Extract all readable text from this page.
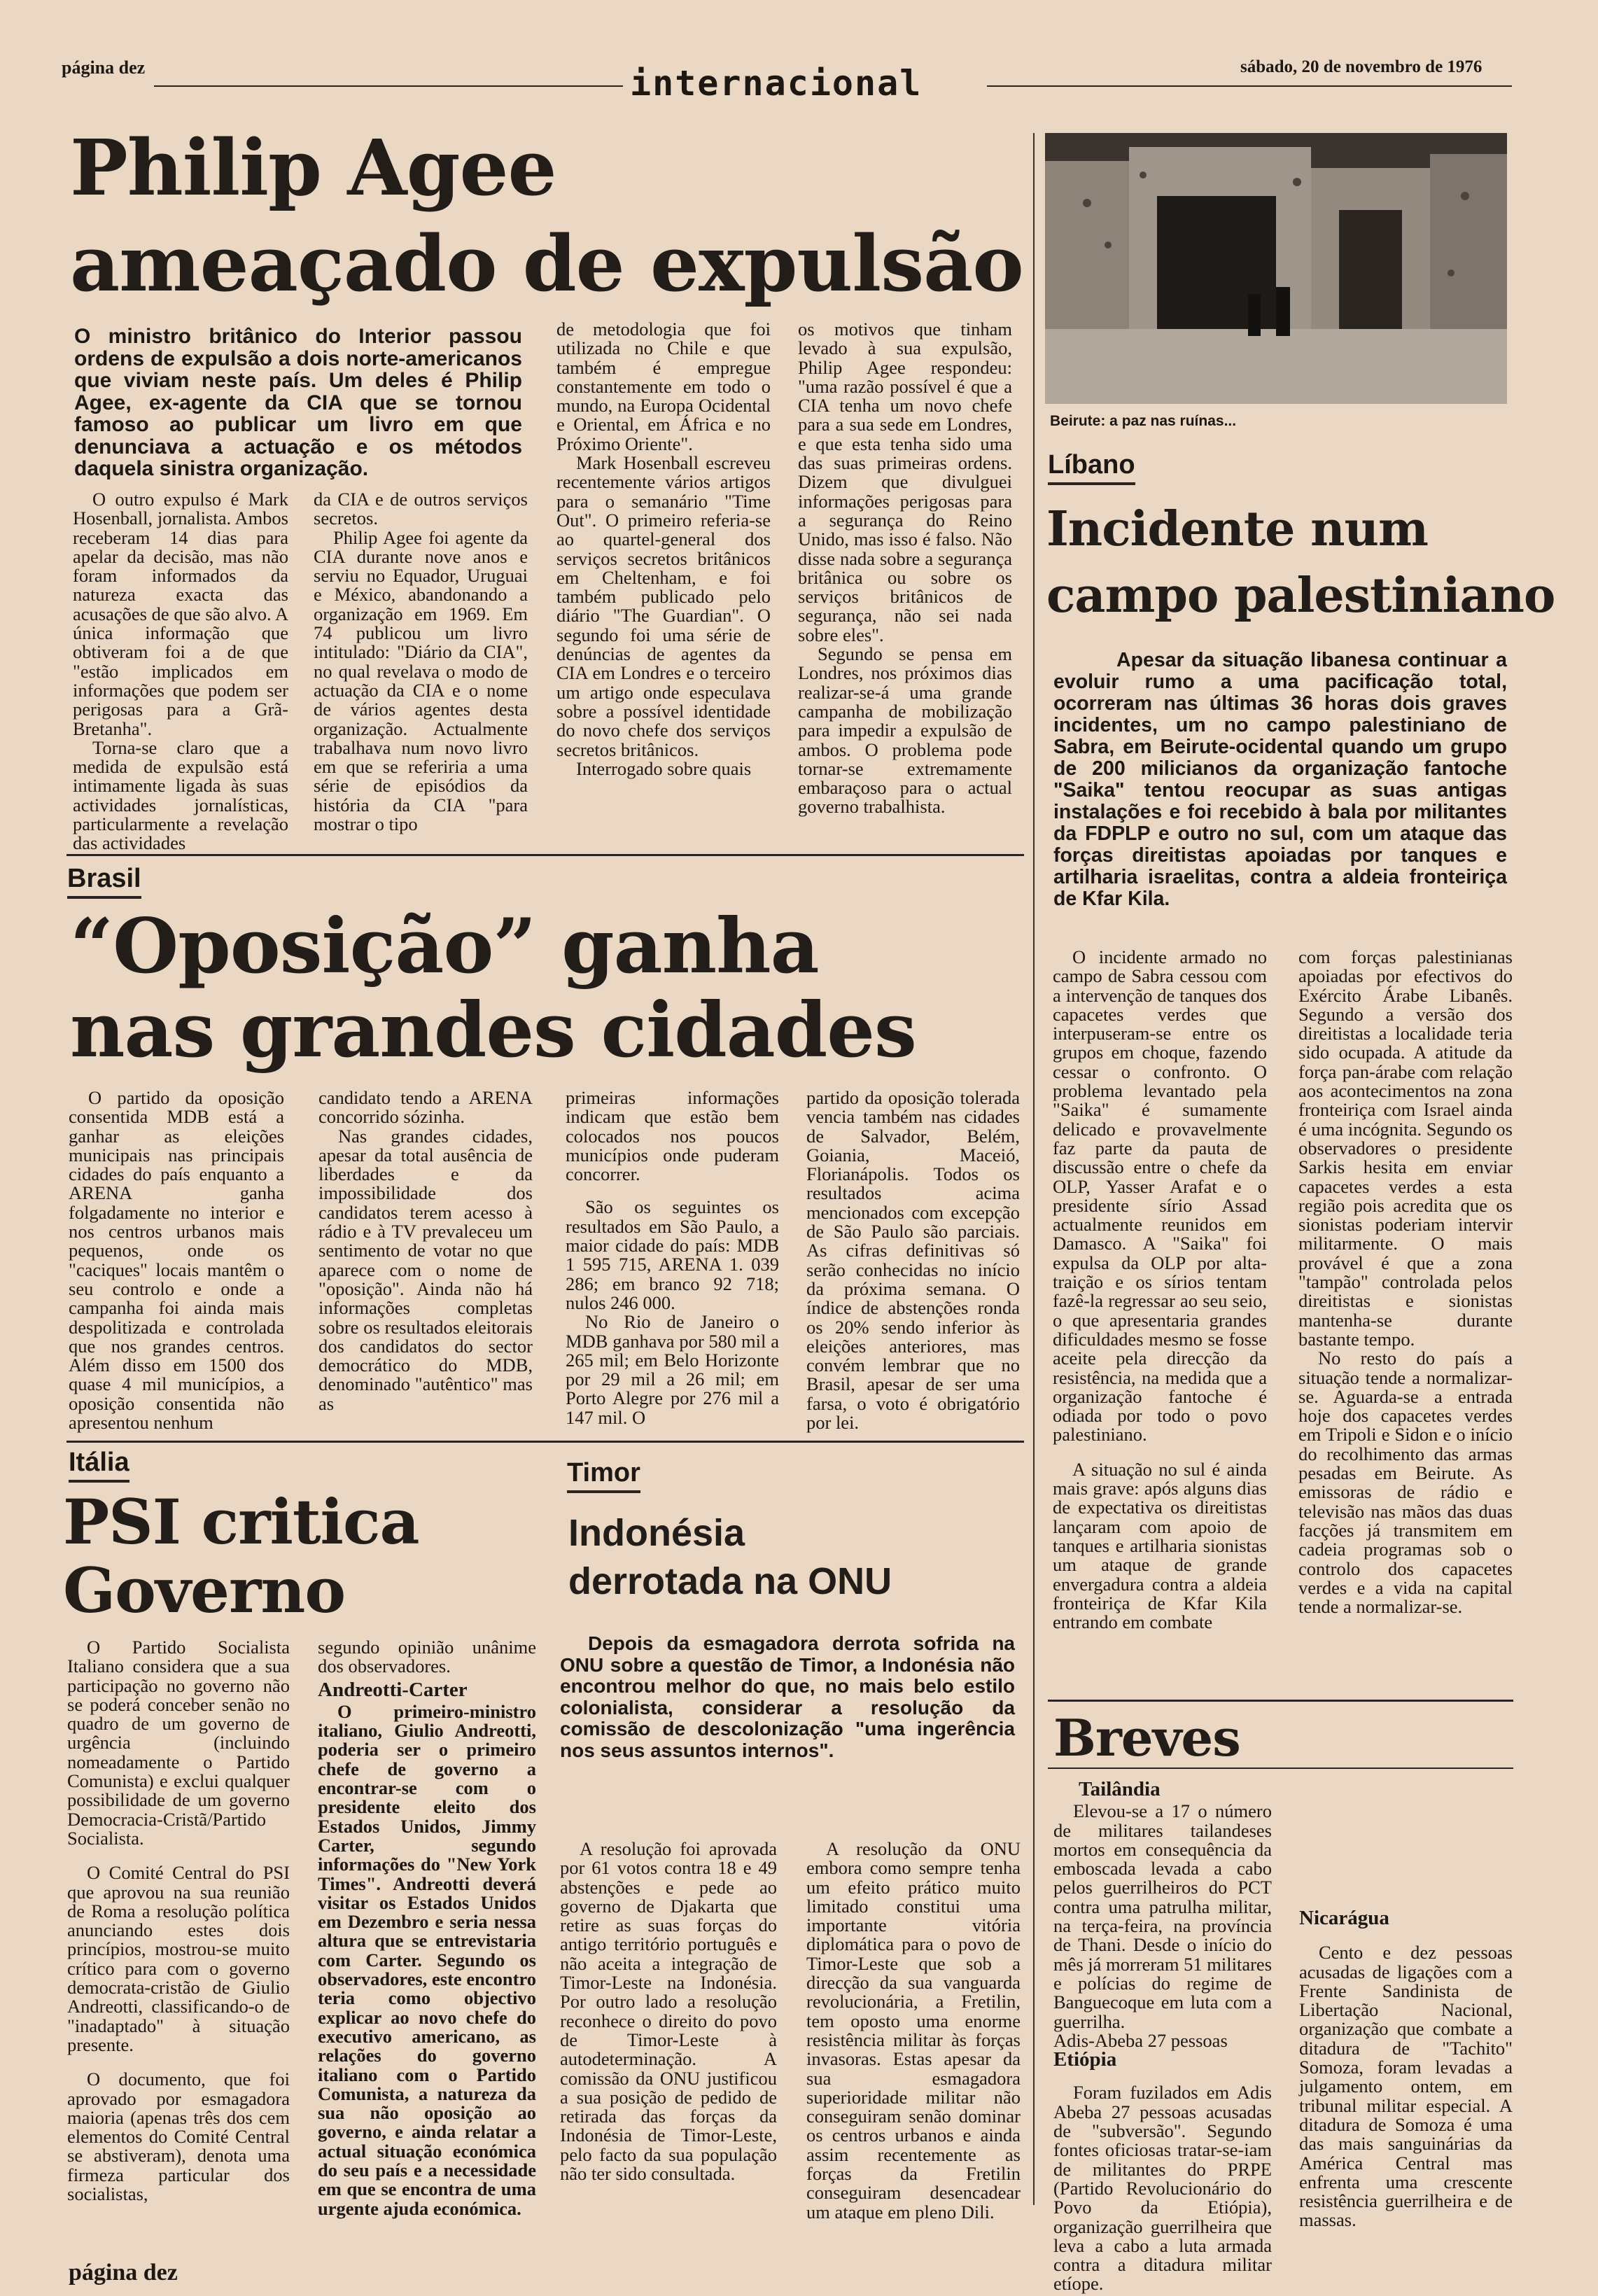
página dez	internacional	sábado, 20 de novembro de 1976
Philip Agee
ameaçado de expulsão
O ministro britânico do Interior passou ordens de expulsão a dois norte-americanos que viviam neste país. Um deles é Philip Agee, ex-agente da CIA que se tornou famoso ao publicar um livro em que denunciava a actuação e os métodos daquela sinistra organização.

O outro expulso é Mark Hosenball, jornalista. Ambos receberam 14 dias para apelar da decisão, mas não foram informados da natureza exacta das acusações de que são alvo. A única informação que obtiveram foi a de que "estão implicados em informações que podem ser perigosas para a Grã-Bretanha".

Torna-se claro que a medida de expulsão está intimamente ligada às suas actividades jornalísticas, particularmente a revelação das actividades

da CIA e de outros serviços secretos.

Philip Agee foi agente da CIA durante nove anos e serviu no Equador, Uruguai e México, abandonando a organização em 1969. Em 74 publicou um livro intitulado: "Diário da CIA", no qual revelava o modo de actuação da CIA e o nome de vários agentes desta organização. Actualmente trabalhava num novo livro em que se referiria a uma série de episódios da história da CIA "para mostrar o tipo

de metodologia que foi utilizada no Chile e que também é empregue constantemente em todo o mundo, na Europa Ocidental e Oriental, em África e no Próximo Oriente".

Mark Hosenball escreveu recentemente vários artigos para o semanário "Time Out". O primeiro referia-se ao quartel-general dos serviços secretos britânicos em Cheltenham, e foi também publicado pelo diário "The Guardian". O segundo foi uma série de denúncias de agentes da CIA em Londres e o terceiro um artigo onde especulava sobre a possível identidade do novo chefe dos serviços secretos britânicos.

Interrogado sobre quais

os motivos que tinham levado à sua expulsão, Philip Agee respondeu: "uma razão possível é que a CIA tenha um novo chefe para a sua sede em Londres, e que esta tenha sido uma das suas primeiras ordens. Dizem que divulguei informações perigosas para a segurança do Reino Unido, mas isso é falso. Não disse nada sobre a segurança britânica ou sobre os serviços britânicos de segurança, não sei nada sobre eles".

Segundo se pensa em Londres, nos próximos dias realizar-se-á uma grande campanha de mobilização para impedir a expulsão de ambos. O problema pode tornar-se extremamente embaraçoso para o actual governo trabalhista.

Beirute: a paz nas ruínas...
Líbano
Incidente num
campo palestiniano
Apesar da situação libanesa continuar a evoluir rumo a uma pacificação total, ocorreram nas últimas 36 horas dois graves incidentes, um no campo palestiniano de Sabra, em Beirute-ocidental quando um grupo de 200 milicianos da organização fantoche "Saika" tentou reocupar as suas antigas instalações e foi recebido à bala por militantes da FDPLP e outro no sul, com um ataque das forças direitistas apoiadas por tanques e artilharia israelitas, contra a aldeia fronteiriça de Kfar Kila.

O incidente armado no campo de Sabra cessou com a intervenção de tanques dos capacetes verdes que interpuseram-se entre os grupos em choque, fazendo cessar o confronto. O problema levantado pela "Saika" é sumamente delicado e provavelmente faz parte da pauta de discussão entre o chefe da OLP, Yasser Arafat e o presidente sírio Assad actualmente reunidos em Damasco. A "Saika" foi expulsa da OLP por alta-traição e os sírios tentam fazê-la regressar ao seu seio, o que apresentaria grandes dificuldades mesmo se fosse aceite pela direcção da resistência, na medida que a organização fantoche é odiada por todo o povo palestiniano.

A situação no sul é ainda mais grave: após alguns dias de expectativa os direitistas lançaram com apoio de tanques e artilharia sionistas um ataque de grande envergadura contra a aldeia fronteiriça de Kfar Kila entrando em combate

com forças palestinianas apoiadas por efectivos do Exército Árabe Libanês. Segundo a versão dos direitistas a localidade teria sido ocupada. A atitude da força pan-árabe com relação aos acontecimentos na zona fronteiriça com Israel ainda é uma incógnita. Segundo os observadores o presidente Sarkis hesita em enviar capacetes verdes a esta região pois acredita que os sionistas poderiam intervir militarmente. O mais provável é que a zona "tampão" controlada pelos direitistas e sionistas mantenha-se durante bastante tempo.

No resto do país a situação tende a normalizar-se. Aguarda-se a entrada hoje dos capacetes verdes em Tripoli e Sidon e o início do recolhimento das armas pesadas em Beirute. As emissoras de rádio e televisão nas mãos das duas facções já transmitem em cadeia programas sob o controlo dos capacetes verdes e a vida na capital tende a normalizar-se.

Brasil
“Oposição” ganha
nas grandes cidades

O partido da oposição consentida MDB está a ganhar as eleições municipais nas principais cidades do país enquanto a ARENA ganha folgadamente no interior e nos centros urbanos mais pequenos, onde os "caciques" locais mantêm o seu controlo e onde a campanha foi ainda mais despolitizada e controlada que nos grandes centros. Além disso em 1500 dos quase 4 mil municípios, a oposição consentida não apresentou nenhum

candidato tendo a ARENA concorrido sózinha.

Nas grandes cidades, apesar da total ausência de liberdades e da impossibilidade dos candidatos terem acesso à rádio e à TV prevaleceu um sentimento de votar no que aparece com o nome de "oposição". Ainda não há informações completas sobre os resultados eleitorais dos candidatos do sector democrático do MDB, denominado "autêntico" mas as

primeiras informações indicam que estão bem colocados nos poucos municípios onde puderam concorrer.

São os seguintes os resultados em São Paulo, a maior cidade do país: MDB 1 595 715, ARENA 1. 039 286; em branco 92 718; nulos 246 000.

No Rio de Janeiro o MDB ganhava por 580 mil a 265 mil; em Belo Horizonte por 29 mil a 26 mil; em Porto Alegre por 276 mil a 147 mil. O

partido da oposição tolerada vencia também nas cidades de Salvador, Belém, Goiania, Maceió, Florianápolis. Todos os resultados acima mencionados com excepção de São Paulo são parciais. As cifras definitivas só serão conhecidas no início da próxima semana. O índice de abstenções ronda os 20% sendo inferior às eleições anteriores, mas convém lembrar que no Brasil, apesar de ser uma farsa, o voto é obrigatório por lei.

Itália
PSI critica
Governo

O Partido Socialista Italiano considera que a sua participação no governo não se poderá conceber senão no quadro de um governo de urgência (incluindo nomeadamente o Partido Comunista) e exclui qualquer possibilidade de um governo Democracia-Cristã/Partido Socialista.

O Comité Central do PSI que aprovou na sua reunião de Roma a resolução política anunciando estes dois princípios, mostrou-se muito crítico para com o governo democrata-cristão de Giulio Andreotti, classificando-o de "inadaptado" à situação presente.

O documento, que foi aprovado por esmagadora maioria (apenas três dos cem elementos do Comité Central se abstiveram), denota uma firmeza particular dos socialistas,

segundo opinião unânime dos observadores.

Andreotti-Carter

O primeiro-ministro italiano, Giulio Andreotti, poderia ser o primeiro chefe de governo a encontrar-se com o presidente eleito dos Estados Unidos, Jimmy Carter, segundo informações do "New York Times". Andreotti deverá visitar os Estados Unidos em Dezembro e seria nessa altura que se entrevistaria com Carter. Segundo os observadores, este encontro teria como objectivo explicar ao novo chefe do executivo americano, as relações do governo italiano com o Partido Comunista, a natureza da sua não oposição ao governo, e ainda relatar a actual situação económica do seu país e a necessidade em que se encontra de uma urgente ajuda económica.

Timor
Indonésia
derrotada na ONU
Depois da esmagadora derrota sofrida na ONU sobre a questão de Timor, a Indonésia não encontrou melhor do que, no mais belo estilo colonialista, considerar a resolução da comissão de descolonização "uma ingerência nos seus assuntos internos".

A resolução foi aprovada por 61 votos contra 18 e 49 abstenções e pede ao governo de Djakarta que retire as suas forças do antigo território português e não aceita a integração de Timor-Leste na Indonésia. Por outro lado a resolução reconhece o direito do povo de Timor-Leste à autodeterminação. A comissão da ONU justificou a sua posição de pedido de retirada das forças da Indonésia de Timor-Leste, pelo facto da sua população não ter sido consultada.

A resolução da ONU embora como sempre tenha um efeito prático muito limitado constitui uma importante vitória diplomática para o povo de Timor-Leste que sob a direcção da sua vanguarda revolucionária, a Fretilin, tem oposto uma enorme resistência militar às forças invasoras. Estas apesar da sua esmagadora superioridade militar não conseguiram senão dominar os centros urbanos e ainda assim recentemente as forças da Fretilin conseguiram desencadear um ataque em pleno Dili.

Breves
Tailândia

Elevou-se a 17 o número de militares tailandeses mortos em consequência da emboscada levada a cabo pelos guerrilheiros do PCT contra uma patrulha militar, na terça-feira, na província de Thani. Desde o início do mês já morreram 51 militares e polícias do regime de Banguecoque em luta com a guerrilha.

Adis-Abeba 27 pessoas

Etiópia

Foram fuzilados em Adis Abeba 27 pessoas acusadas de "subversão". Segundo fontes oficiosas tratar-se-iam de militantes do PRPE (Partido Revolucionário do Povo da Etiópia), organização guerrilheira que leva a cabo a luta armada contra a ditadura militar etíope.

Nicarágua

Cento e dez pessoas acusadas de ligações com a Frente Sandinista de Libertação Nacional, organização que combate a ditadura de "Tachito" Somoza, foram levadas a julgamento ontem, em tribunal militar especial. A ditadura de Somoza é uma das mais sanguinárias da América Central mas enfrenta uma crescente resistência guerrilheira e de massas.

página dez
